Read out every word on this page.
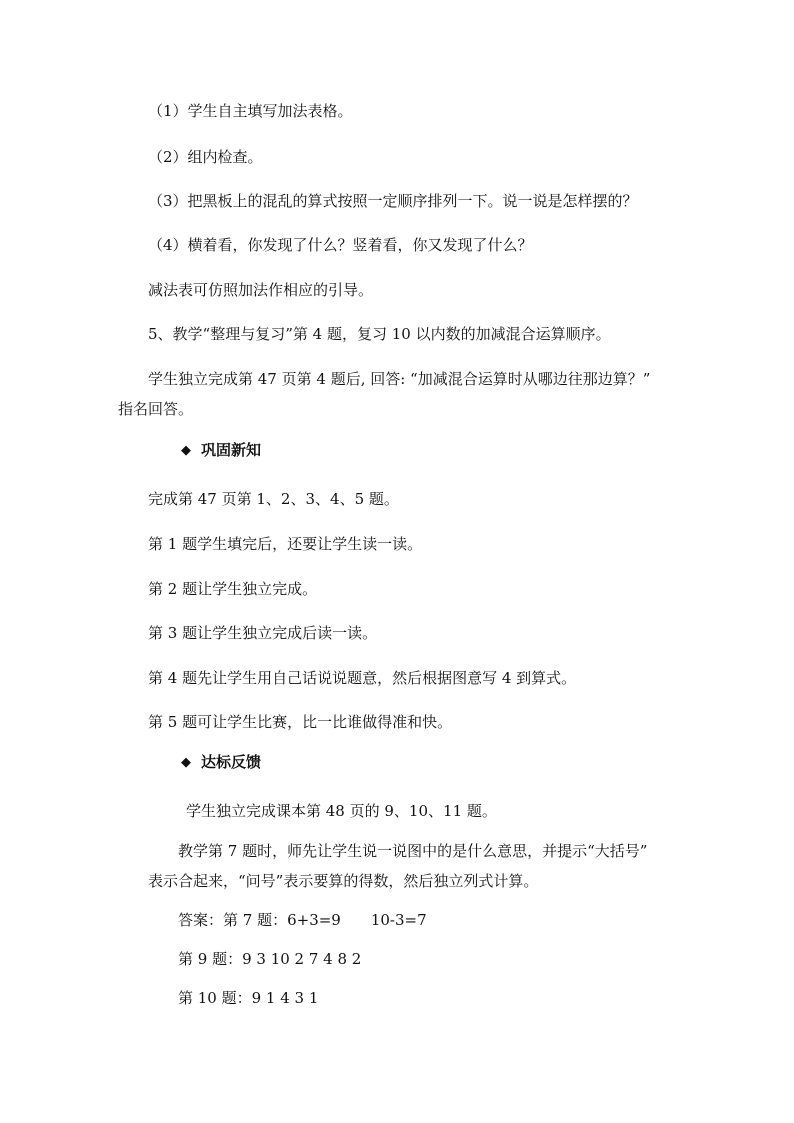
（1）学生自主填写加法表格。
（2）组内检查。
（3）把黑板上的混乱的算式按照一定顺序排列一下。说一说是怎样摆的？
（4）横着看，你发现了什么？竖着看，你又发现了什么？
减法表可仿照加法作相应的引导。
5、教学“整理与复习”第 4 题，复习 10 以内数的加减混合运算顺序。
学生独立完成第 47 页第 4 题后, 回答: “加减混合运算时从哪边往那边算？”
指名回答。
◆ 巩固新知
完成第 47 页第 1、2、3、4、5 题。
第 1 题学生填完后，还要让学生读一读。
第 2 题让学生独立完成。
第 3 题让学生独立完成后读一读。
第 4 题先让学生用自己话说说题意，然后根据图意写 4 到算式。
第 5 题可让学生比赛，比一比谁做得准和快。
◆ 达标反馈
学生独立完成课本第 48 页的 9、10、11 题。
教学第 7 题时，师先让学生说一说图中的是什么意思，并提示“大括号”
表示合起来，“问号”表示要算的得数，然后独立列式计算。
答案：第 7 题：6+3=9　　10-3=7
第 9 题：9 3 10 2 7 4 8 2
第 10 题：9 1 4 3 1
